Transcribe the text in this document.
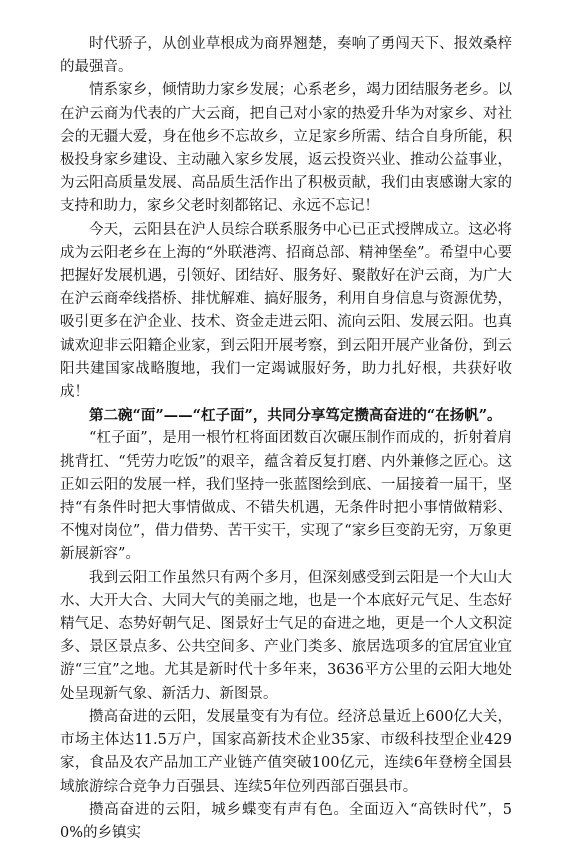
时代骄子，从创业草根成为商界翘楚，奏响了勇闯天下、报效桑梓的最强音。

情系家乡，倾情助力家乡发展；心系老乡，竭力团结服务老乡。以在沪云商为代表的广大云商，把自己对小家的热爱升华为对家乡、对社会的无疆大爱，身在他乡不忘故乡，立足家乡所需、结合自身所能，积极投身家乡建设、主动融入家乡发展，返云投资兴业、推动公益事业，为云阳高质量发展、高品质生活作出了积极贡献，我们由衷感谢大家的支持和助力，家乡父老时刻都铭记、永远不忘记！

今天，云阳县在沪人员综合联系服务中心已正式授牌成立。这必将成为云阳老乡在上海的“外联港湾、招商总部、精神堡垒”。希望中心要把握好发展机遇，引领好、团结好、服务好、聚散好在沪云商，为广大在沪云商牵线搭桥、排忧解难、搞好服务，利用自身信息与资源优势，吸引更多在沪企业、技术、资金走进云阳、流向云阳、发展云阳。也真诚欢迎非云阳籍企业家，到云阳开展考察，到云阳开展产业备份，到云阳共建国家战略腹地，我们一定竭诚服好务，助力扎好根，共获好收成！

第二碗“面”——“杠子面”，共同分享笃定攒高奋进的“在扬帆”。

“杠子面”，是用一根竹杠将面团数百次碾压制作而成的，折射着肩挑背扛、“凭劳力吃饭”的艰辛，蕴含着反复打磨、内外兼修之匠心。这正如云阳的发展一样，我们坚持一张蓝图绘到底、一届接着一届干，坚持“有条件时把大事情做成、不错失机遇，无条件时把小事情做精彩、不愧对岗位”，借力借势、苦干实干，实现了“家乡巨变韵无穷，万象更新展新容”。

我到云阳工作虽然只有两个多月，但深刻感受到云阳是一个大山大水、大开大合、大同大气的美丽之地，也是一个本底好元气足、生态好精气足、态势好朝气足、图景好士气足的奋进之地，更是一个人文积淀多、景区景点多、公共空间多、产业门类多、旅居选项多的宜居宜业宜游“三宜”之地。尤其是新时代十多年来，3636平方公里的云阳大地处处呈现新气象、新活力、新图景。

攒高奋进的云阳，发展量变有为有位。经济总量近上600亿大关，市场主体达11.5万户，国家高新技术企业35家、市级科技型企业429家，食品及农产品加工产业链产值突破100亿元，连续6年登榜全国县域旅游综合竞争力百强县、连续5年位列西部百强县市。

攒高奋进的云阳，城乡蝶变有声有色。全面迈入“高铁时代”，50%的乡镇实
